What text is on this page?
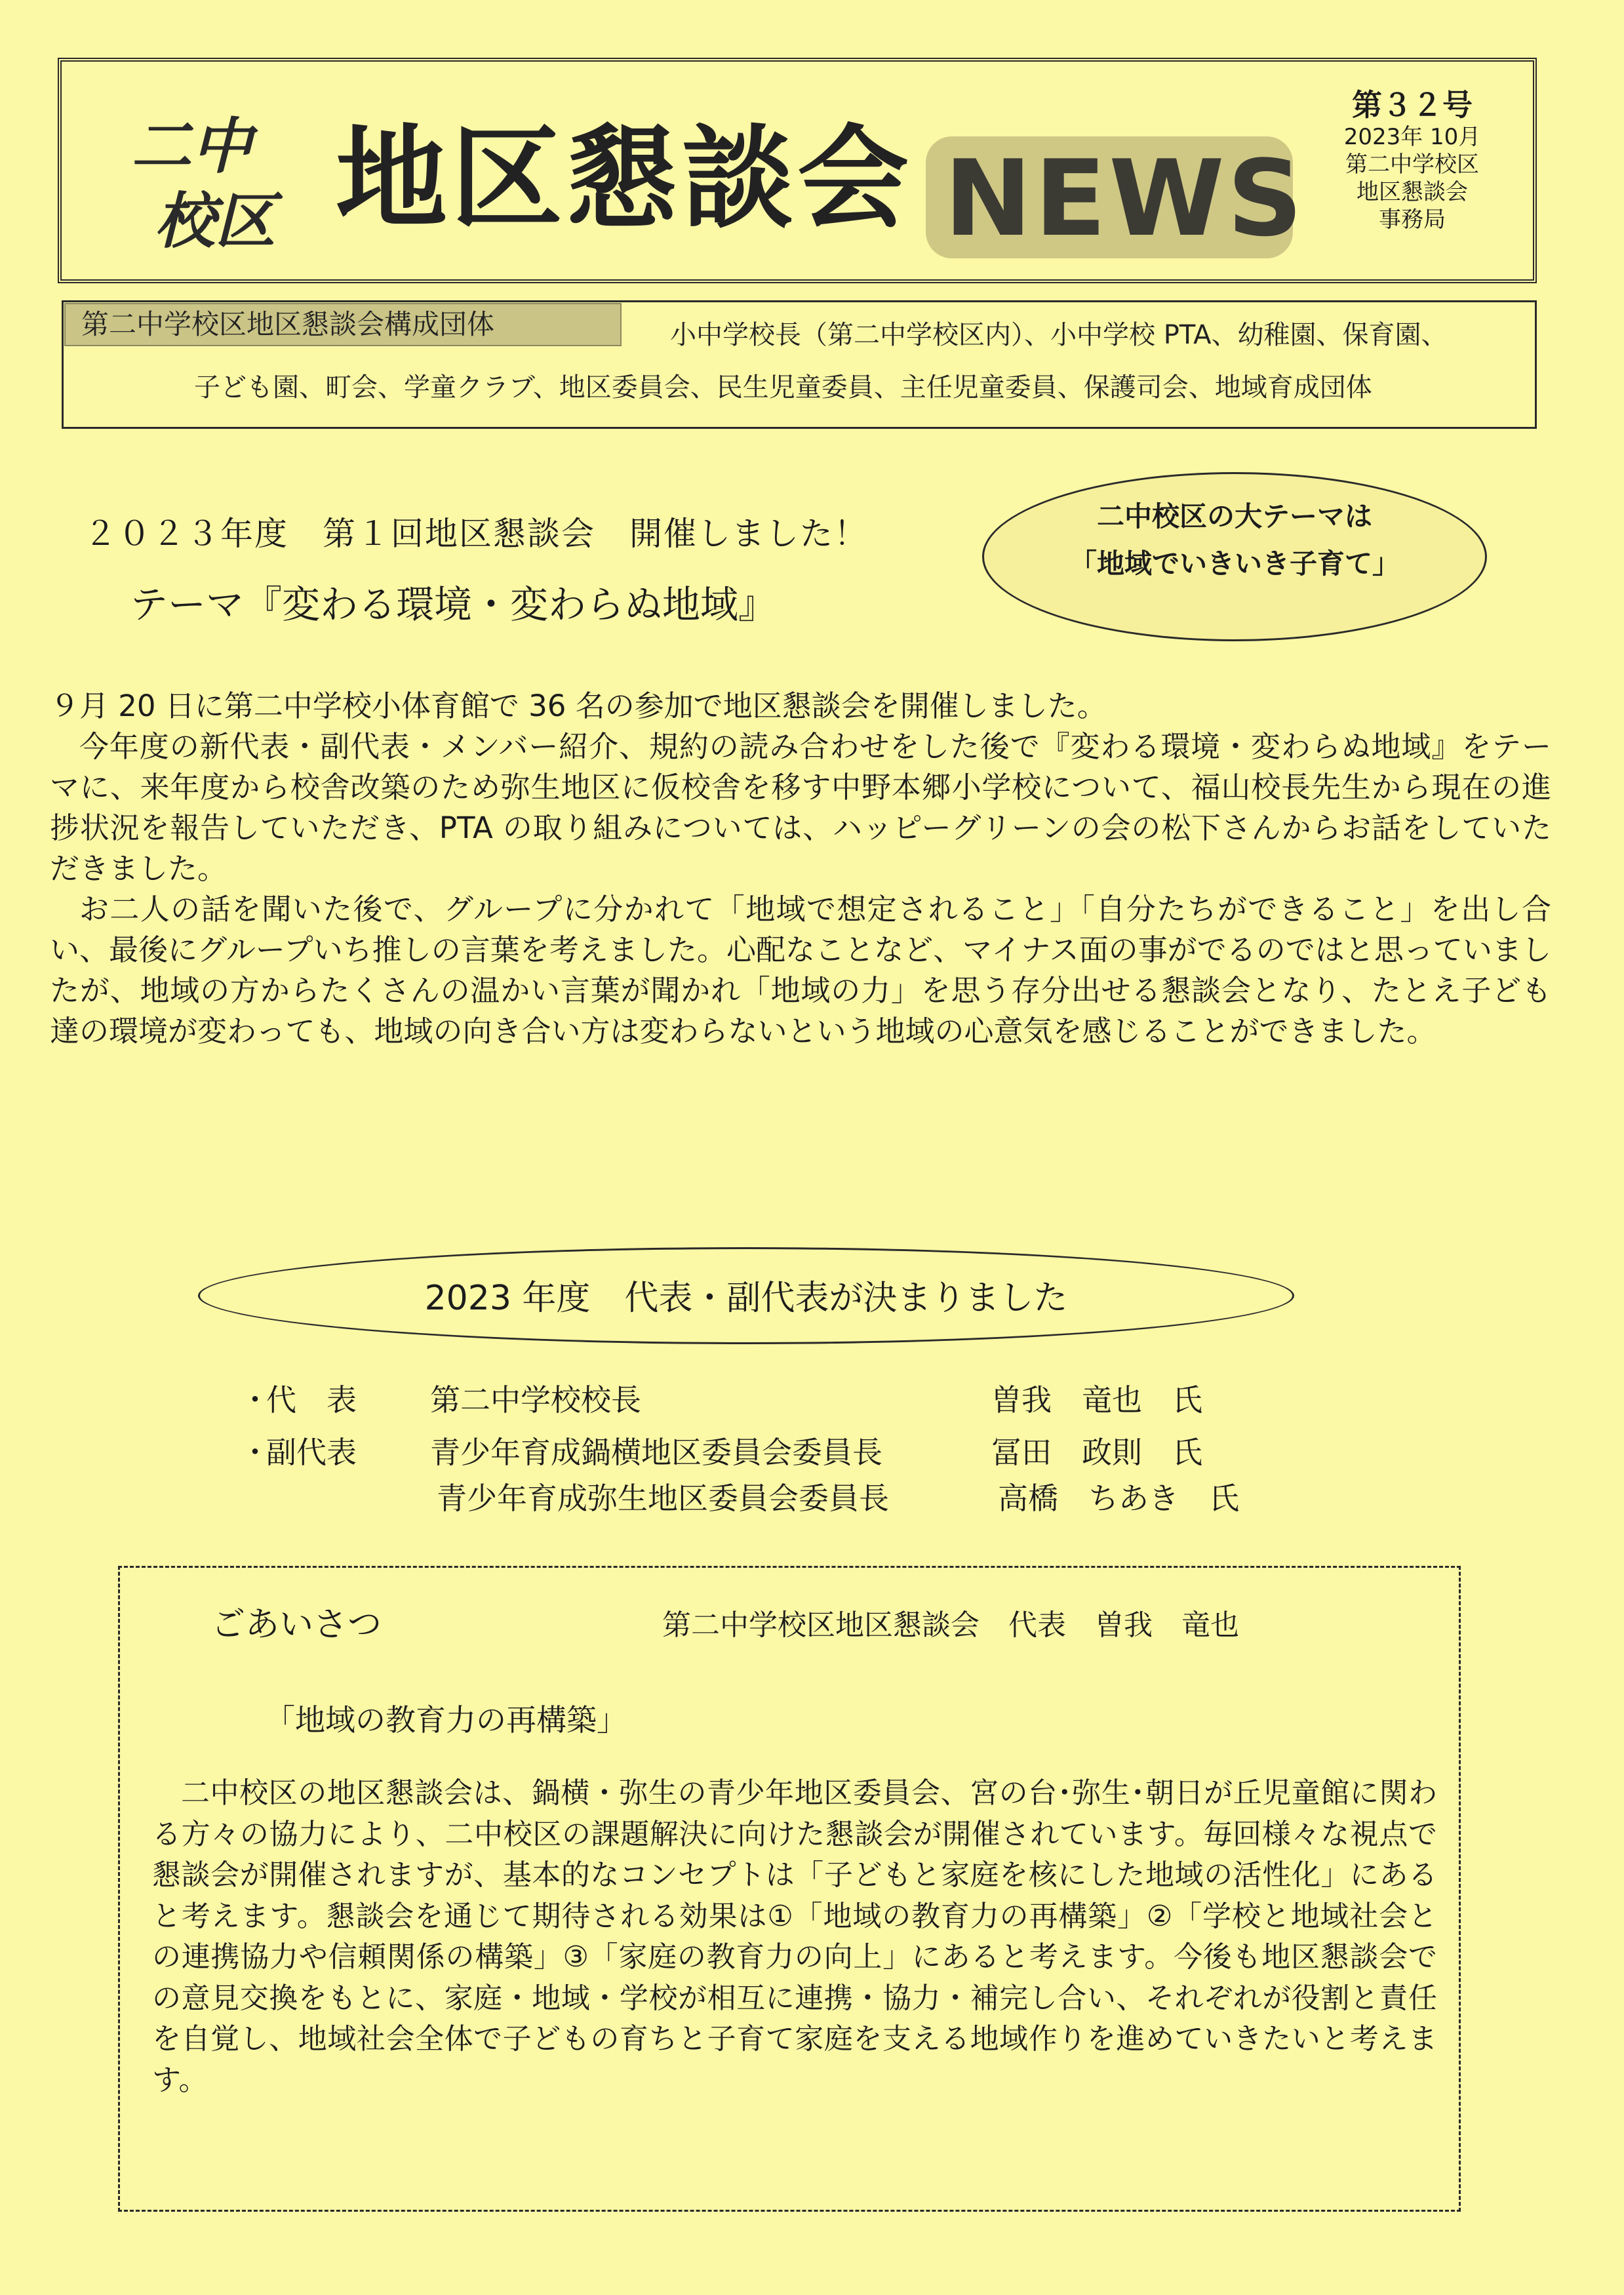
二中
校区 地区懇談会 NEWS
第３２号
2023年 10月
第二中学校区
地区懇談会
事務局
第二中学校区地区懇談会構成団体	小中学校長（第二中学校区内）、小中学校 PTA、幼稚園、保育園、
子ども園、町会、学童クラブ、地区委員会、民生児童委員、主任児童委員、保護司会、地域育成団体
２０２３年度　第１回地区懇談会　開催しました！
テーマ『変わる環境・変わらぬ地域』
二中校区の大テーマは
「地域でいきいき子育て」

９月 20 日に第二中学校小体育館で 36 名の参加で地区懇談会を開催しました。

今年度の新代表・副代表・メンバー紹介、規約の読み合わせをした後で『変わる環境・変わらぬ地域』をテーマに、来年度から校舎改築のため弥生地区に仮校舎を移す中野本郷小学校について、福山校長先生から現在の進捗状況を報告していただき、PTA の取り組みについては、ハッピーグリーンの会の松下さんからお話をしていただきました。

お二人の話を聞いた後で、グループに分かれて「地域で想定されること」「自分たちができること」を出し合い、最後にグループいち推しの言葉を考えました。心配なことなど、マイナス面の事がでるのではと思っていましたが、地域の方からたくさんの温かい言葉が聞かれ「地域の力」を思う存分出せる懇談会となり、たとえ子ども達の環境が変わっても、地域の向き合い方は変わらないという地域の心意気を感じることができました。

2023 年度　代表・副代表が決まりました
・
代　表 第二中学校校長	曽我　竜也　氏
・
副代表 青少年育成鍋横地区委員会委員長	冨田　政則　氏
青少年育成弥生地区委員会委員長	高橋　ちあき　氏
ごあいさつ	第二中学校区地区懇談会　代表　曽我　竜也
「地域の教育力の再構築」

二中校区の地区懇談会は、鍋横・弥生の青少年地区委員会、宮の台･弥生･朝日が丘児童館に関わる方々の協力により、二中校区の課題解決に向けた懇談会が開催されています。毎回様々な視点で懇談会が開催されますが、基本的なコンセプトは「子どもと家庭を核にした地域の活性化」にあると考えます。懇談会を通じて期待される効果は①「地域の教育力の再構築」②「学校と地域社会との連携協力や信頼関係の構築」③「家庭の教育力の向上」にあると考えます。今後も地区懇談会での意見交換をもとに、家庭・地域・学校が相互に連携・協力・補完し合い、それぞれが役割と責任を自覚し、地域社会全体で子どもの育ちと子育て家庭を支える地域作りを進めていきたいと考えます。
